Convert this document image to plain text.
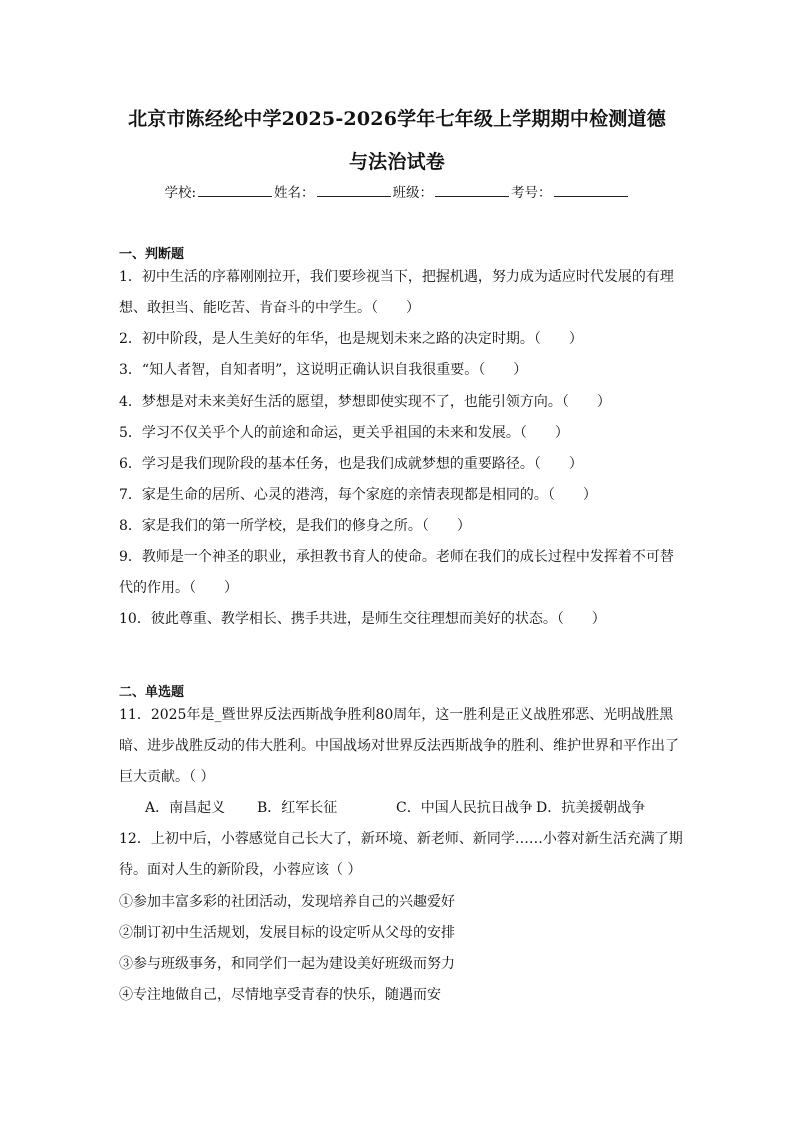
北京市陈经纶中学2025-2026学年七年级上学期期中检测道德
与法治试卷
学校:	姓名：	班级：	考号：
一、判断题
1．初中生活的序幕刚刚拉开，我们要珍视当下，把握机遇，努力成为适应时代发展的有理
想、敢担当、能吃苦、肯奋斗的中学生。（　　）
2．初中阶段，是人生美好的年华，也是规划未来之路的决定时期。（　　）
3．“知人者智，自知者明”，这说明正确认识自我很重要。（　　）
4．梦想是对未来美好生活的愿望，梦想即使实现不了，也能引领方向。（　　）
5．学习不仅关乎个人的前途和命运，更关乎祖国的未来和发展。（　　）
6．学习是我们现阶段的基本任务，也是我们成就梦想的重要路径。（　　）
7．家是生命的居所、心灵的港湾，每个家庭的亲情表现都是相同的。（　　）
8．家是我们的第一所学校，是我们的修身之所。（　　）
9．教师是一个神圣的职业，承担教书育人的使命。老师在我们的成长过程中发挥着不可替
代的作用。（　　）
10．彼此尊重、教学相长、携手共进，是师生交往理想而美好的状态。（　　）
二、单选题
11．2025年是_暨世界反法西斯战争胜利80周年，这一胜利是正义战胜邪恶、光明战胜黑
暗、进步战胜反动的伟大胜利。中国战场对世界反法西斯战争的胜利、维护世界和平作出了
巨大贡献。（ ）
A．南昌起义 B．红军长征	C．中国人民抗日战争 D．抗美援朝战争
12．上初中后，小蓉感觉自己长大了，新环境、新老师、新同学……小蓉对新生活充满了期
待。面对人生的新阶段，小蓉应该（ ）
①参加丰富多彩的社团活动，发现培养自己的兴趣爱好
②制订初中生活规划，发展目标的设定听从父母的安排
③参与班级事务，和同学们一起为建设美好班级而努力
④专注地做自己，尽情地享受青春的快乐，随遇而安
